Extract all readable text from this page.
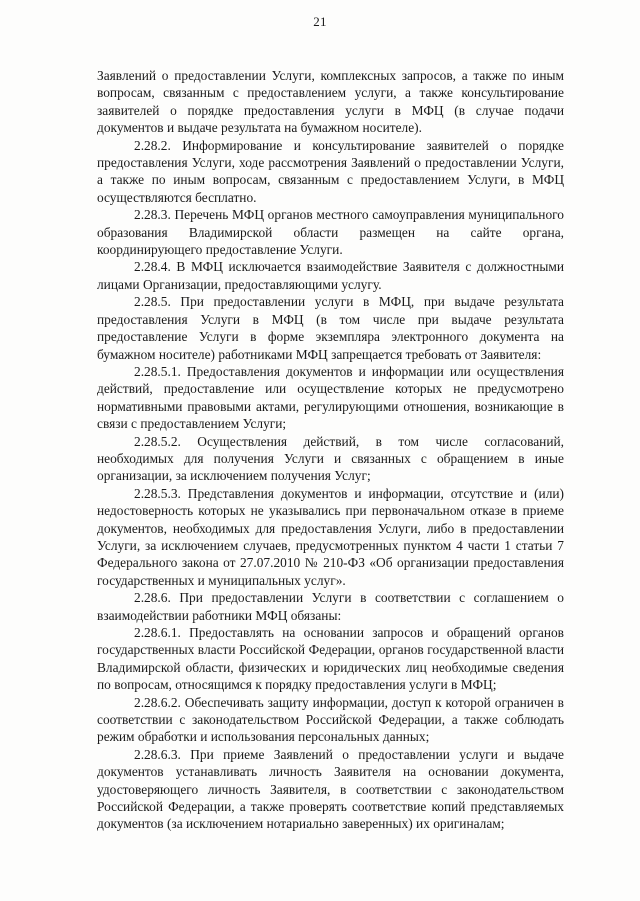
21

Заявлений о предоставлении Услуги, комплексных запросов, а также по иным вопросам, связанным с предоставлением услуги, а также консультирование заявителей о порядке предоставления услуги в МФЦ (в случае подачи документов и выдаче результата на бумажном носителе).

2.28.2. Информирование и консультирование заявителей о порядке предоставления Услуги, ходе рассмотрения Заявлений о предоставлении Услуги, а также по иным вопросам, связанным с предоставлением Услуги, в МФЦ осуществляются бесплатно.

2.28.3. Перечень МФЦ органов местного самоуправления муниципального образования Владимирской области размещен на сайте органа, координирующего предоставление Услуги.

2.28.4. В МФЦ исключается взаимодействие Заявителя с должностными лицами Организации, предоставляющими услугу.

2.28.5. При предоставлении услуги в МФЦ, при выдаче результата предоставления Услуги в МФЦ (в том числе при выдаче результата предоставление Услуги в форме экземпляра электронного документа на бумажном носителе) работниками МФЦ запрещается требовать от Заявителя:

2.28.5.1. Предоставления документов и информации или осуществления действий, предоставление или осуществление которых не предусмотрено нормативными правовыми актами, регулирующими отношения, возникающие в связи с предоставлением Услуги;

2.28.5.2. Осуществления действий, в том числе согласований, необходимых для получения Услуги и связанных с обращением в иные организации, за исключением получения Услуг;

2.28.5.3. Представления документов и информации, отсутствие и (или) недостоверность которых не указывались при первоначальном отказе в приеме документов, необходимых для предоставления Услуги, либо в предоставлении Услуги, за исключением случаев, предусмотренных пунктом 4 части 1 статьи 7 Федерального закона от 27.07.2010 № 210-ФЗ «Об организации предоставления государственных и муниципальных услуг».

2.28.6. При предоставлении Услуги в соответствии с соглашением о взаимодействии работники МФЦ обязаны:

2.28.6.1. Предоставлять на основании запросов и обращений органов государственных власти Российской Федерации, органов государственной власти Владимирской области, физических и юридических лиц необходимые сведения по вопросам, относящимся к порядку предоставления услуги в МФЦ;

2.28.6.2. Обеспечивать защиту информации, доступ к которой ограничен в соответствии с законодательством Российской Федерации, а также соблюдать режим обработки и использования персональных данных;

2.28.6.3. При приеме Заявлений о предоставлении услуги и выдаче документов устанавливать личность Заявителя на основании документа, удостоверяющего личность Заявителя, в соответствии с законодательством Российской Федерации, а также проверять соответствие копий представляемых документов (за исключением нотариально заверенных) их оригиналам;
